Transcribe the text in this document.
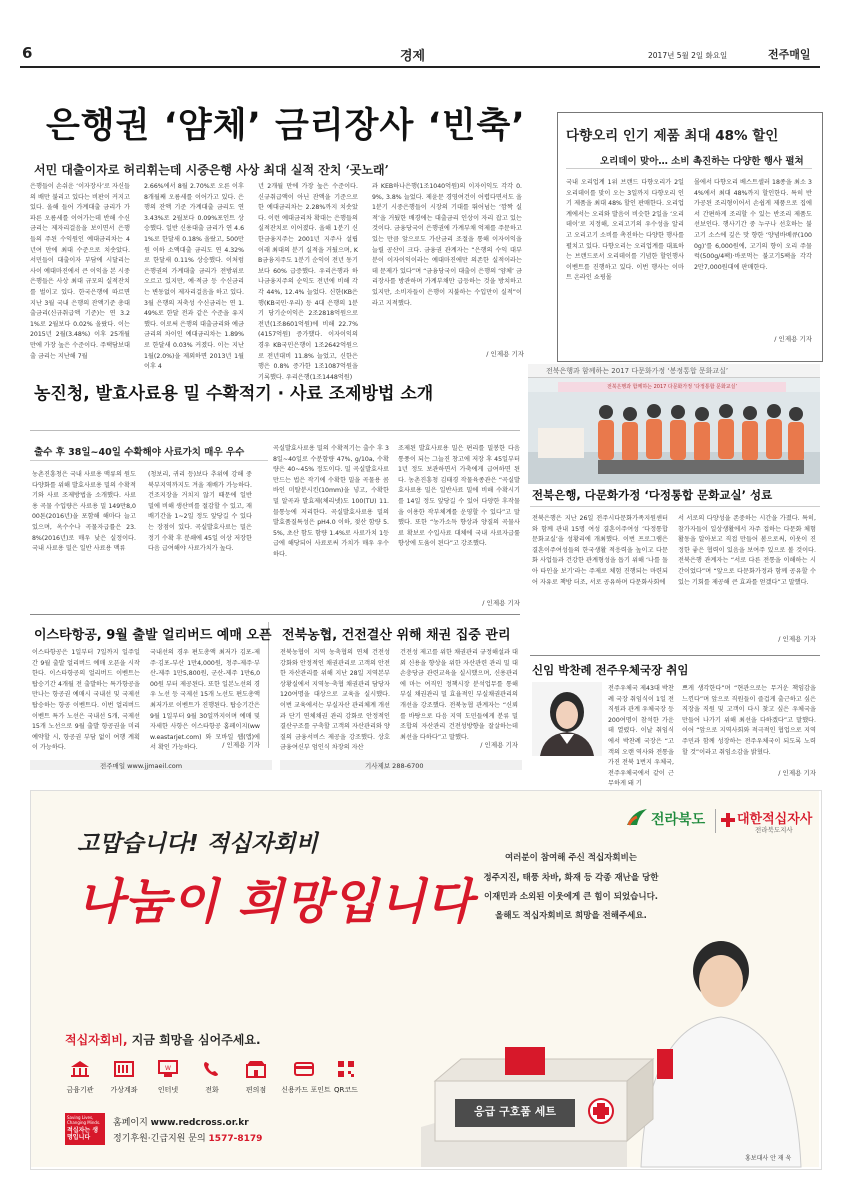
6	경제	2017년 5월 2일 화요일	전주매일
은행권 ‘얌체’ 금리장사 ‘빈축’
서민 대출이자로 허리휘는데 시중은행 사상 최대 실적 잔치 ‘곳노래’
은행들이 손쉬운 ‘이자장사’로 자신들의 배만 불리고 있다는 비판이 커지고 있다. 올해 들어 가계대출 금리가 가파른 오름세를 이어가는데 반해 수신금리는 제자리걸음을 보이면서 은행들의 주된 수익원인 예대금리차는 4년여 만에 최대 수준으로 치솟았다. 서민들이 대출이자 부담에 시달리는 사이 예대마진에서 큰 이익을 본 시중은행들은 사상 최대 규모의 실적잔치를 벌이고 있다. 한국은행에 따르면 지난 3월 국내 은행의 잔액기준 총대출금리(신규취급액 기준)는 연 3.21%로 2월보다 0.02% 올랐다. 이는 2015년 2월(3.48%) 이후 25개월 만에 가장 높은 수준이다. 주택담보대출 금리는 지난해 7월
2.66%에서 8월 2.70%로 오른 이후 8개월째 오름세를 이어가고 있다. 은행의 잔액 기준 가계대출 금리도 연 3.43%로 2월보다 0.09%포인트 상승했다. 일반 신용대출 금리가 연 4.61%로 한달새 0.18% 올랐고, 500만원 이하 소액대출 금리도 연 4.32%로 한달새 0.11% 상승했다. 이처럼 은행권의 가계대출 금리가 전방위로 오르고 있지만, 예·적금 등 수신금리는 변동없이 제자리걸음을 하고 있다. 3월 은행의 저축성 수신금리는 연 1.49%로 한달 전과 같은 수준을 유지했다. 이로써 은행의 대출금리와 예금금리의 차이인 예대금리차는 1.89%로 한달새 0.03% 커졌다. 이는 지난 1월(2.0%)을 제외하면 2013년 1월 이후 4
년 2개월 만에 가장 높은 수준이다. 신규취급액이 아닌 잔액을 기준으로 한 예대금리차는 2.28%까지 치솟았다. 이런 예대금리차 확대는 은행들의 실적잔치로 이어졌다. 올해 1분기 신한금융지주는 2001년 지주사 설립 이래 최대의 분기 실적을 거뒀으며, KB금융지주도 1분기 순익이 전년 동기보다 60% 급증했다. 우리은행과 하나금융지주의 순익도 전년에 비해 각각 44%, 12.4% 늘었다. 신한(KB은행(KB국민·우리) 등 4대 은행의 1분기 당기순이익은 2조2818억원으로 전년(1조8601억원)에 비해 22.7%(4157억원) 증가했다. 이자이익의 경우 KB국민은행이 1조2642억원으로 전년대비 11.8% 늘었고, 신한은행은 0.8% 증가한 1조1087억원을 기록했다. 우리은행(1조1448억원)
과 KEB하나은행(1조1040억원)의 이자이익도 각각 0.9%, 3.8% 늘었다. 제윤문 경영여건이 어렵다면서도 올 1분기 시중은행들이 시장의 기대를 뛰어넘는 ‘깜짝 실적’을 거뒀한 배경에는 대출금리 인상이 자리 잡고 있는 것이다. 금융당국이 은행권에 가계부채 억제를 주문하고 있는 만큼 앞으로도 가산금리 조절을 통해 이자이익을 늘릴 공산이 크다. 금융권 관계자는 “은행의 수익 대부분이 이자이익이라는 예대마진에만 의존한 실적이라는 데 문제가 있다”며 “금융당국이 대출이 은행의 ‘얌체’ 금리장사를 방관하며 가계부채만 급등하는 것을 방치하고 있지만, 소비자들이 은행이 지불하는 수입만이 실적”이라고 지적했다.
/ 인제용 기자
다향오리 인기 제품 최대 48% 할인
오리데이 맞아… 소비 촉진하는 다양한 행사 펼쳐
국내 오리업계 1위 브랜드 다향오리가 2일 오리데이를 맞이 오는 3일까지 다향오리 인기 제품을 최대 48% 할인 판매한다. 오리업계에서는 오리와 발음이 비슷한 2일을 ‘오리데이’로 지정해, 오리고기의 우수성을 알리고 오리고기 소비를 촉진하는 다양한 행사를 펼치고 있다. 다향오리는 오리업계를 대표하는 브랜드로서 오리데이를 기념한 할인행사 이벤트를 진행하고 있다. 이번 행사는 이마트 온라인 쇼핑몰
몰에서 다향오리 베스트셀러 18종을 최소 34%에서 최대 48%까지 할인한다. 특히 반가공된 조리형이어서 손쉽게 제품으로 집에서 간편하게 조리할 수 있는 반조리 제품도 선보인다. 행사기간 중 누구나 선호하는 불고기 소스에 깊은 맛 향한 ‘양념바베큐(1000g)’를 6,000원에, 고기의 향이 오리 주물럭(500g/4팩)·바로먹는 불고기5팩을 각각 2만7,000원대에 판매한다.
/ 인제용 기자
전북은행과 함께하는 2017 다문화가정 ‘봉정통합 문화교실’
전북은행과 함께하는 2017 다문화가정 ‘다정통합 문화교실’
농진청, 발효사료용 밀 수확적기 · 사료 조제방법 소개
출수 후 38일~40일 수확해야 사료가치 매우 우수
농촌진흥청은 국내 사료용 맥류의 원도 다양화를 위해 발효사료용 밀의 수확적기와 사료 조제방법을 소개했다. 사료용 곡물 수입량은 사료용 밀 149만8,000톤(2016년)을 포함해 해마다 늘고 있으며, 옥수수나 곡물자급률은 23.8%(2016년)로 매우 낮은 실정이다. 국내 사료용 밀은 일반 사료용 맥류
(청보리, 귀리 등)보다 추위에 강해 중북부지역까지도 겨울 재배가 가능하다. 건조지장을 거치지 않기 때문에 일반 밀에 비해 생산비를 절감할 수 있고, 재배기간을 1~2일 정도 앞당길 수 있다는 장점이 있다. 곡실발효사료는 밀은 정기 수확 후 분쇄에 45일 이상 저장한 다음 급여해야 사료가치가 높다.
곡실발효사료용 밀의 수확적기는 출수 후 38일~40일로 수분함량 47%, g/10a, 수확량은 40~45% 정도이다. 밀 곡실발효사료 만드는 법은 작기에 수확한 밀을 곡물용 콤바인 미탈분시킨(10mm)을 넣고, 수확한 밀 알곡과 발효제(체리넷)도 100(TU) 11. 믈통능에 저리한다. 곡실발효사료용 밀의 발효품질특성은 pH4.0 이하, 젖산 함량 5.5%, 초산 함도 함량 1.4%로 사료가치 1등급에 해당되어 사료로써 가치가 매우 우수하다.
조제된 발효사료용 밀은 편리를 밀봉한 다음 통풍이 되는 그늘진 창고에 저장 후 45일부터 1년 정도 보관하면서 가축에게 급여하면 된다. 농촌진흥청 김태경 작물육종관은 “곡실발효사료용 밀은 일반사료 밀에 비해 수확시기를 14일 정도 앞당길 수 있어 다양한 후작물을 이용한 작부체계를 운영할 수 있다”고 말했다. 또한 “농가소득 향상과 양질의 곡물사료 확보로 수입사료 대체에 국내 사료자급률 향상에 도움이 된다”고 강조했다.
/ 인제용 기자
전북은행, 다문화가정 ‘다정통합 문화교실’ 성료
전북은행은 지난 26일 전주시다문화가족지원센터와 함께 관내 15명 여성 결혼이주여성 ‘다정통합 문화교실’을 성황리에 개최했다. 이번 프로그램은 결혼이주여성들의 한국생활 적응력을 높이고 다문화 사업들과 건강한 관계형성을 돕기 위해 ‘나를 돌아 타인을 보기’라는 주제로 체험 진행되는 마련되어 자유로 책방 더조, 서로 공유하며 다문화사회에
서 서로의 다양성을 존중하는 시간을 가졌다. 특히, 참가자들이 일상생활에서 자주 접하는 다문화 체험활동을 알아보고 직접 만들어 봄으로써, 이웃이 진정한 좋은 협력이 있음을 보여주 있으로 볼 것이다. 전북은행 관계자는 “서로 다른 전통을 이해하는 시간이었다”며 “앞으로 다문화가정과 함께 공유할 수 있는 기회를 제공해 큰 효과를 얻겠다”고 말했다.
/ 인제용 기자
이스타항공, 9월 출발 얼리버드 예매 오픈
이스타항공은 1일부터 7일까지 일주일간 9월 출발 얼리버드 예매 오픈을 시작한다. 이스타항공의 얼리버드 이벤트는 탑승기간 4개월 전 출발하는 특가항공을 만나는 항공권 예매시 국내선 및 국제선 탑승하는 항공 이벤트다. 이번 얼리버드 이벤트 특가 노선은 국내선 5개, 국제선 15개 노선으로 9월 출발 항공권을 미리 예약할 시, 항공권 부담 없이 여행 계획이 가능하다.
국내선의 경우 편도총액 최저가 김포-제주·김포-부산 1만4,000원, 청주-제주·부산-제주 1만5,800원, 군산-제주 1만6,000원 부터 제공된다. 또한 일본노선의 경우 노선 등 국제선 15개 노선도 편도총액 최저가로 이벤트가 진행된다. 탑승기간은 9월 1일부터 9월 30일까지이며 예매 및 자세한 사항은 이스타항공 홈페이지(www.eastarjet.com) 와 모바일 웹(앱)에서 확인 가능하다.	/ 인제용 기자
전북농협, 건전결산 위해 채권 집중 관리
전북농협이 지역 농축협의 연체 건전성 강화와 안정적인 채권관리로 고객의 안전한 자산관리를 위해 지난 28일 지역본부 상황실에서 지역농·축협 채권관리 담당자 120여명을 대상으로 교육을 실시했다. 이번 교육에서는 부실자산 관리체계 개선과 단기 연체채권 관리 강화로 안정적인 결산구조를 구축할 고객의 자산관리와 양질의 금융서비스 제공을 강조했다. 상호금융여신부 엄인식 차장의 자산
건전성 제고를 위한 채권관리 규정해설과 대외 신용을 향상을 위한 자산관련 관리 밀 대손충당금 관련교육을 실시했으며, 신용관리에 마는 여직인 정책시장 분석업무를 통해 부실 채권관리 밀 효율적인 부실채권관리의 개선을 강조했다. 전북농협 관계자는 “신뢰를 바탕으로 다음 지역 도민들에게 분류 밀 조합의 자산관리 건전성방향을 잘살하는데 최선을 다하다”고 말했다.
/ 인제용 기자
신임 박찬례 전주우체국장 취임
전주우체국 제43대 박찬례 국장 취임식이 1일 전 직원과 관계 우체국장 등 200여명이 참석한 가운데 열렸다. 이날 취임식에서 박찬례 국장은 “고객의 오랜 역사와 전통을 가진 전북 1번지 우체국, 전주우체국에서 같이 근무하게 돼 기
쁘게 생각한다”며 “현관으로는 무거운 책임감을 느낀다”며 앞으로 직원들이 즐겁게 출근하고 싶은 직장을 직원 및 고객이 다시 찾고 싶은 우체국을 만들어 나가기 위해 최선을 다하겠다”고 말했다. 이어 “앞으로 지역사회와 적극적인 협업으로 지역주민과 함께 성장하는 전주우체국이 되도록 노력할 것”이라고 취임소감을 밝혔다.
/ 인제용 기자
전주매일 www.jjmaeil.com	기사제보 288-6700
고맙습니다! 적십자회비
나눔이 희망입니다
적십자회비, 지금 희망을 심어주세요.
W
금융기관	가상계좌	인터넷	전화	편의점	신용카드 포인트 QR코드
Saving Lives, Changing Minds.
적십자는 생명입니다
홈페이지 www.redcross.or.kr
정기후원·긴급지원 문의 1577-8179
전라북도 대한적십자사
전라북도지사
여러분이 참여해 주신 적십자회비는
정주지진, 태풍 차바, 화재 등 각종 재난을 당한
이재민과 소외된 이웃에게 큰 힘이 되었습니다.
올해도 적십자회비로 희망을 전해주세요.
응급 구호품 세트
홍보대사 안 재 욱
